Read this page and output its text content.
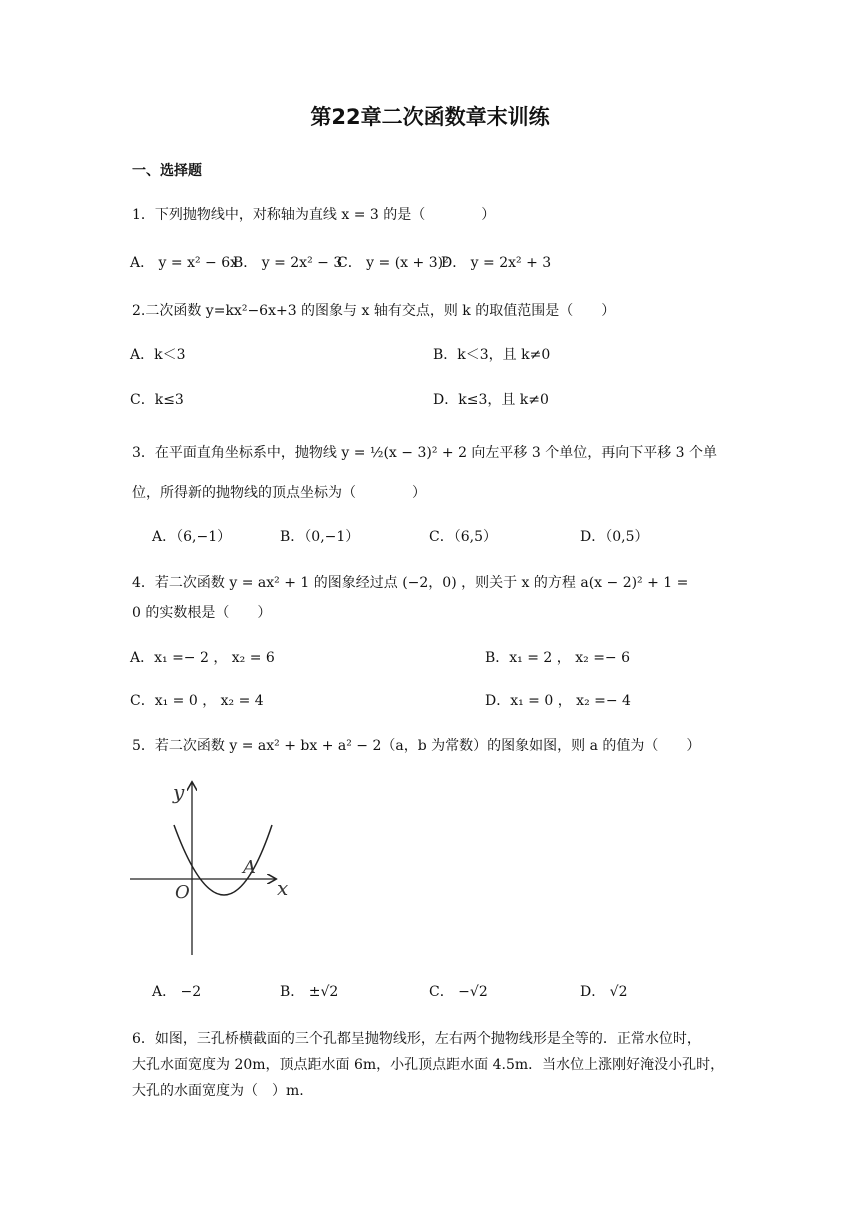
第22章二次函数章末训练
一、选择题
1．下列抛物线中，对称轴为直线 x = 3 的是（　　　　）
A． y = x² − 6x
B． y = 2x² − 3
C． y = (x + 3)²
D． y = 2x² + 3
2.二次函数 y=kx²−6x+3 的图象与 x 轴有交点，则 k 的取值范围是（　　）
A．k＜3	B．k＜3，且 k≠0
C．k≤3	D．k≤3，且 k≠0
3．在平面直角坐标系中，抛物线 y = ½(x − 3)² + 2 向左平移 3 个单位，再向下平移 3 个单
位，所得新的抛物线的顶点坐标为（　　　　）
A．（6,−1）	B．（0,−1）	C．（6,5）	D．（0,5）
4．若二次函数 y = ax² + 1 的图象经过点 (−2，0) ，则关于 x 的方程 a(x − 2)² + 1 =
0 的实数根是（　　）
A．x₁ =− 2 ， x₂ = 6	B．x₁ = 2 ， x₂ =− 6
C．x₁ = 0 ， x₂ = 4	D．x₁ = 0 ， x₂ =− 4
5．若二次函数 y = ax² + bx + a² − 2（a，b 为常数）的图象如图，则 a 的值为（　　）
y
x
O
A
A． −2	B． ±√2	C． −√2	D． √2
6．如图，三孔桥横截面的三个孔都呈抛物线形，左右两个抛物线形是全等的．正常水位时，
大孔水面宽度为 20m，顶点距水面 6m，小孔顶点距水面 4.5m．当水位上涨刚好淹没小孔时，
大孔的水面宽度为（　）m.
